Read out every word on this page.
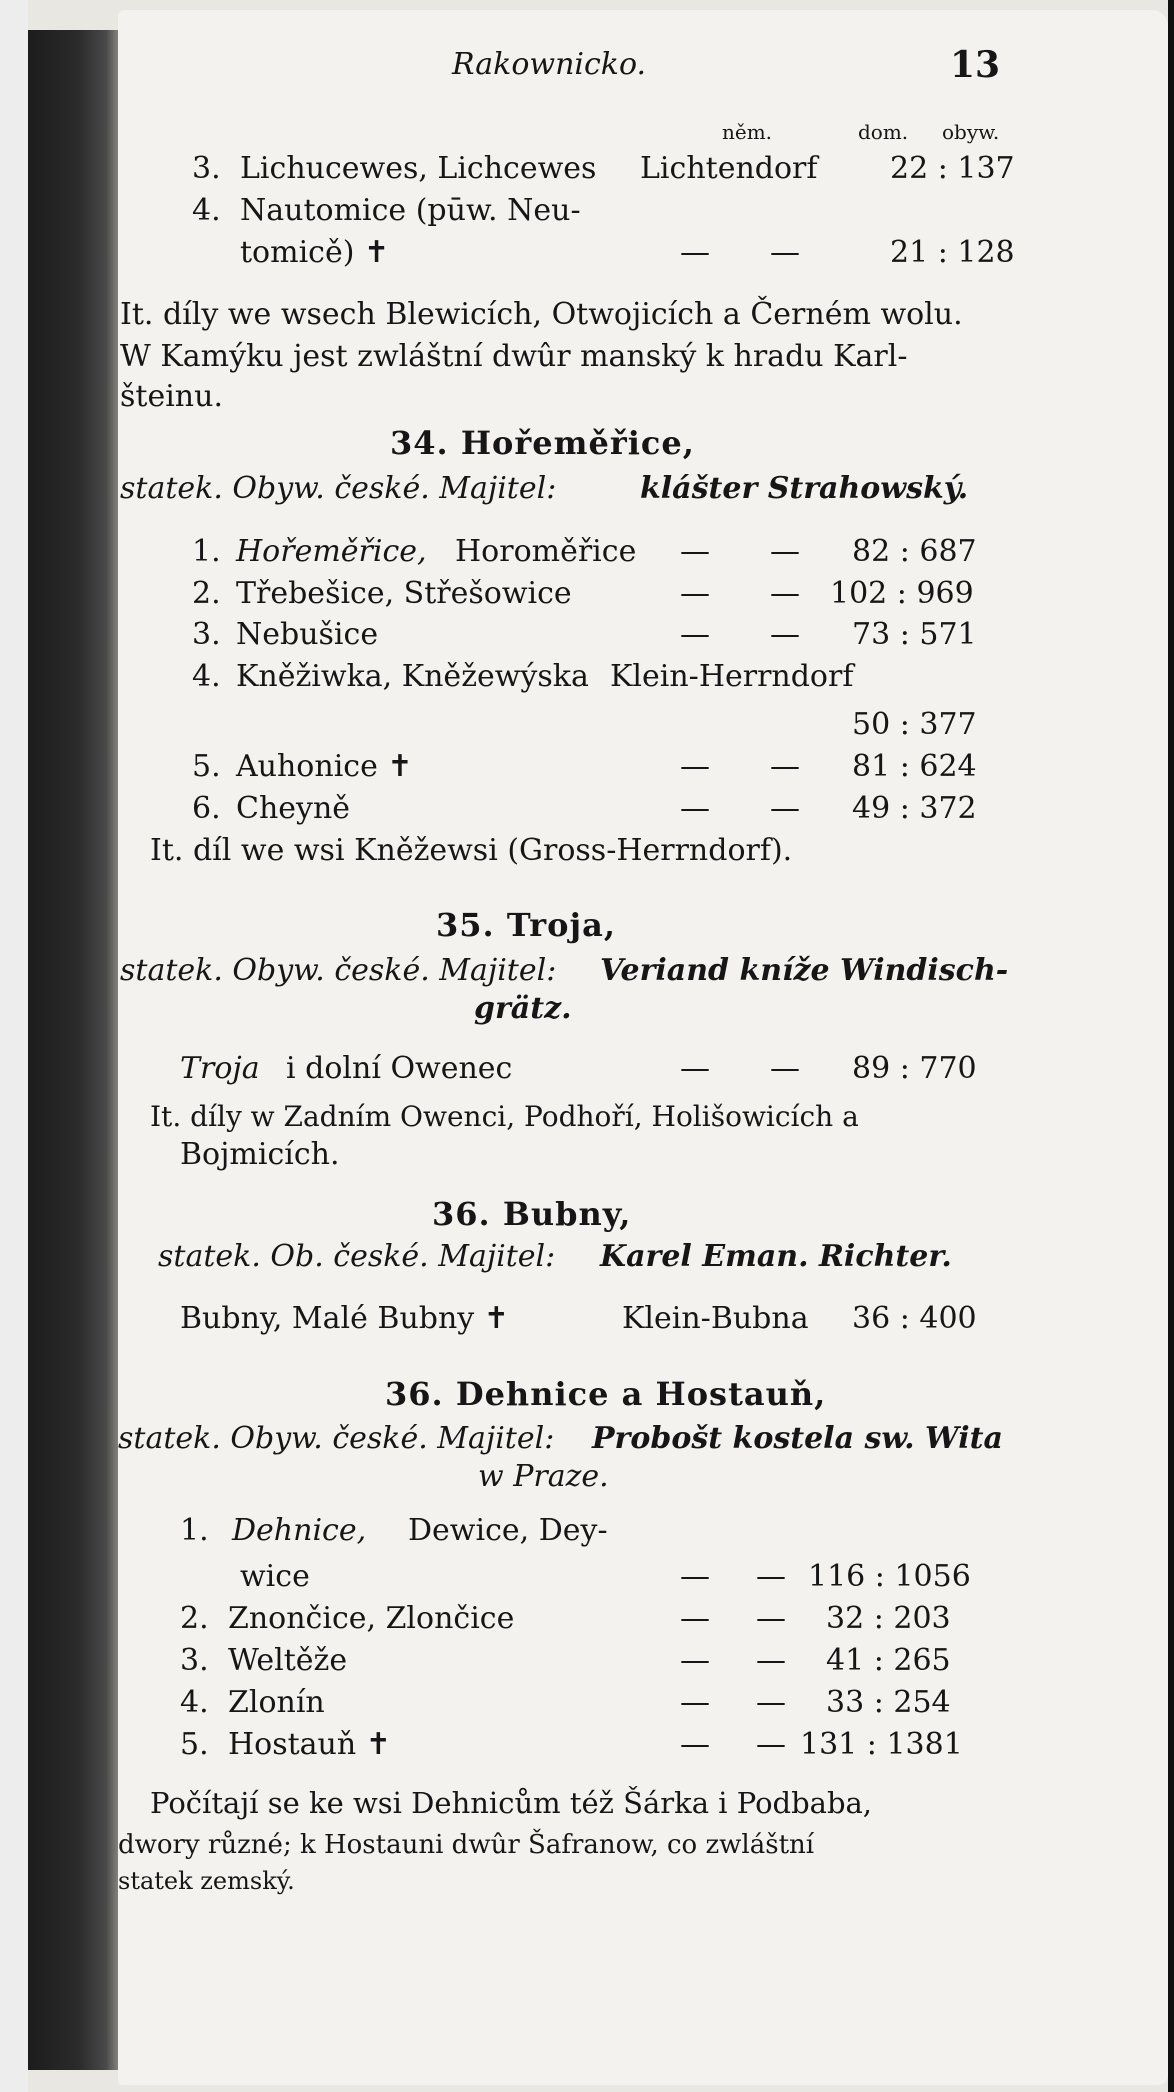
Rakownicko.	13
něm.	dom. obyw.
3. Lichucewes, Lichcewes Lichtendorf 22 : 137
4. Nautomice (pūw. Neu-
tomicě) ✝	— —	21 : 128
It. díly we wsech Blewicích, Otwojicích a Černém wolu.
W Kamýku jest zwláštní dwûr manský k hradu Karl-
šteinu.
34. Hořeměřice,
statek. Obyw. české. Majitel:	klášter Strahowský.
1. Hořeměřice, Horoměřice — — 82 : 687
2. Třebešice, Střešowice	— — 102 : 969
3. Nebušice	— — 73 : 571
4. Kněžiwka, Kněžewýska Klein-Herrndorf
50 : 377
5. Auhonice ✝	— — 81 : 624
6. Cheyně	— — 49 : 372
It. díl we wsi Kněžewsi (Gross-Herrndorf).
35. Troja,
statek. Obyw. české. Majitel: Veriand kníže Windisch-
grätz.
Troja i dolní Owenec	— — 89 : 770
It. díly w Zadním Owenci, Podhoří, Holišowicích a
Bojmicích.
36. Bubny,
statek. Ob. české. Majitel: Karel Eman. Richter.
Bubny, Malé Bubny ✝	Klein-Bubna 36 : 400
36. Dehnice a Hostauň,
statek. Obyw. české. Majitel: Probošt kostela sw. Wita
w Praze.
1. Dehnice, Dewice, Dey-
wice	— — 116 : 1056
2. Znončice, Zlončice	— — 32 : 203
3. Weltěže	— — 41 : 265
4. Zlonín	— — 33 : 254
5. Hostauň ✝	— — 131 : 1381
Počítají se ke wsi Dehnicům též Šárka i Podbaba,
dwory různé; k Hostauni dwûr Šafranow, co zwláštní
statek zemský.
